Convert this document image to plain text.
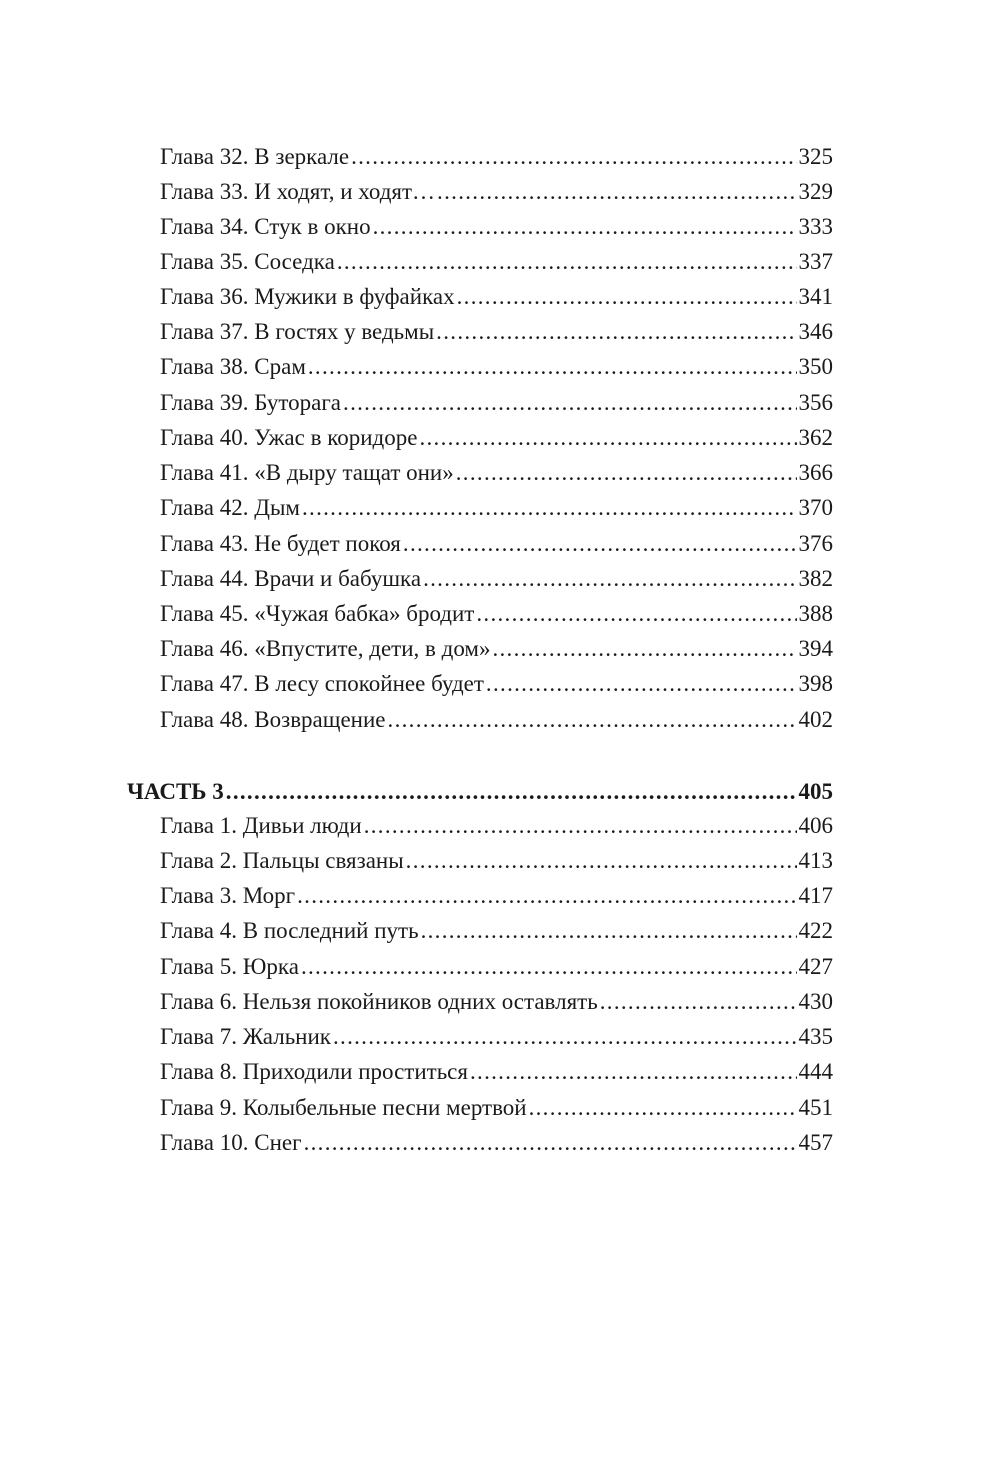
Глава 32. В зеркале .....	325
Глава 33. И ходят, и ходят… .....	329
Глава 34. Стук в окно .....	333
Глава 35. Соседка .....	337
Глава 36. Мужики в фуфайках .....	341
Глава 37. В гостях у ведьмы .....	346
Глава 38. Срам .....	350
Глава 39. Буторага .....	356
Глава 40. Ужас в коридоре .....	362
Глава 41. «В дыру тащат они» .....	366
Глава 42. Дым .....	370
Глава 43. Не будет покоя .....	376
Глава 44. Врачи и бабушка .....	382
Глава 45. «Чужая бабка» бродит .....	388
Глава 46. «Впустите, дети, в дом» .....	394
Глава 47. В лесу спокойнее будет .....	398
Глава 48. Возвращение .....	402
ЧАСТЬ 3 .....	405
Глава 1. Дивьи люди .....	406
Глава 2. Пальцы связаны .....	413
Глава 3. Морг .....	417
Глава 4. В последний путь .....	422
Глава 5. Юрка .....	427
Глава 6. Нельзя покойников одних оставлять .....	430
Глава 7. Жальник .....	435
Глава 8. Приходили проститься .....	444
Глава 9. Колыбельные песни мертвой .....	451
Глава 10. Снег .....	457
